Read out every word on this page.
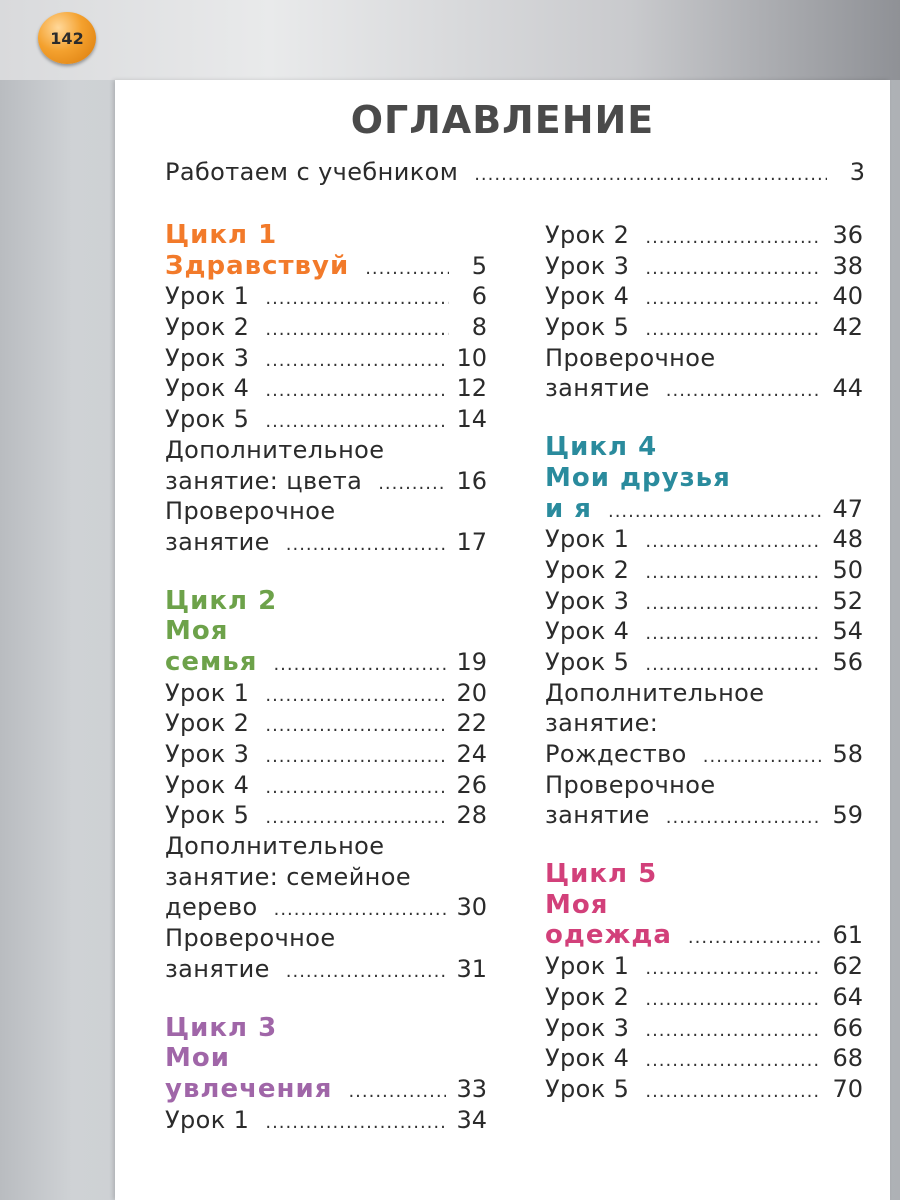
142
ОГЛАВЛЕНИЕ
Работаем с учебником .....	3
Цикл 1
Здравствуй .....	5
Урок 1 .....	6
Урок 2 .....	8
Урок 3 .....	10
Урок 4 .....	12
Урок 5 .....	14
Дополнительное
занятие: цвета .....	16
Проверочное
занятие .....	17
Цикл 2
Моя
семья .....	19
Урок 1 .....	20
Урок 2 .....	22
Урок 3 .....	24
Урок 4 .....	26
Урок 5 .....	28
Дополнительное
занятие: семейное
дерево .....	30
Проверочное
занятие .....	31
Цикл 3
Мои
увлечения .....	33
Урок 1 .....	34
Урок 2 .....	36
Урок 3 .....	38
Урок 4 .....	40
Урок 5 .....	42
Проверочное
занятие .....	44
Цикл 4
Мои друзья
и я .....	47
Урок 1 .....	48
Урок 2 .....	50
Урок 3 .....	52
Урок 4 .....	54
Урок 5 .....	56
Дополнительное
занятие:
Рождество .....	58
Проверочное
занятие .....	59
Цикл 5
Моя
одежда .....	61
Урок 1 .....	62
Урок 2 .....	64
Урок 3 .....	66
Урок 4 .....	68
Урок 5 .....	70
